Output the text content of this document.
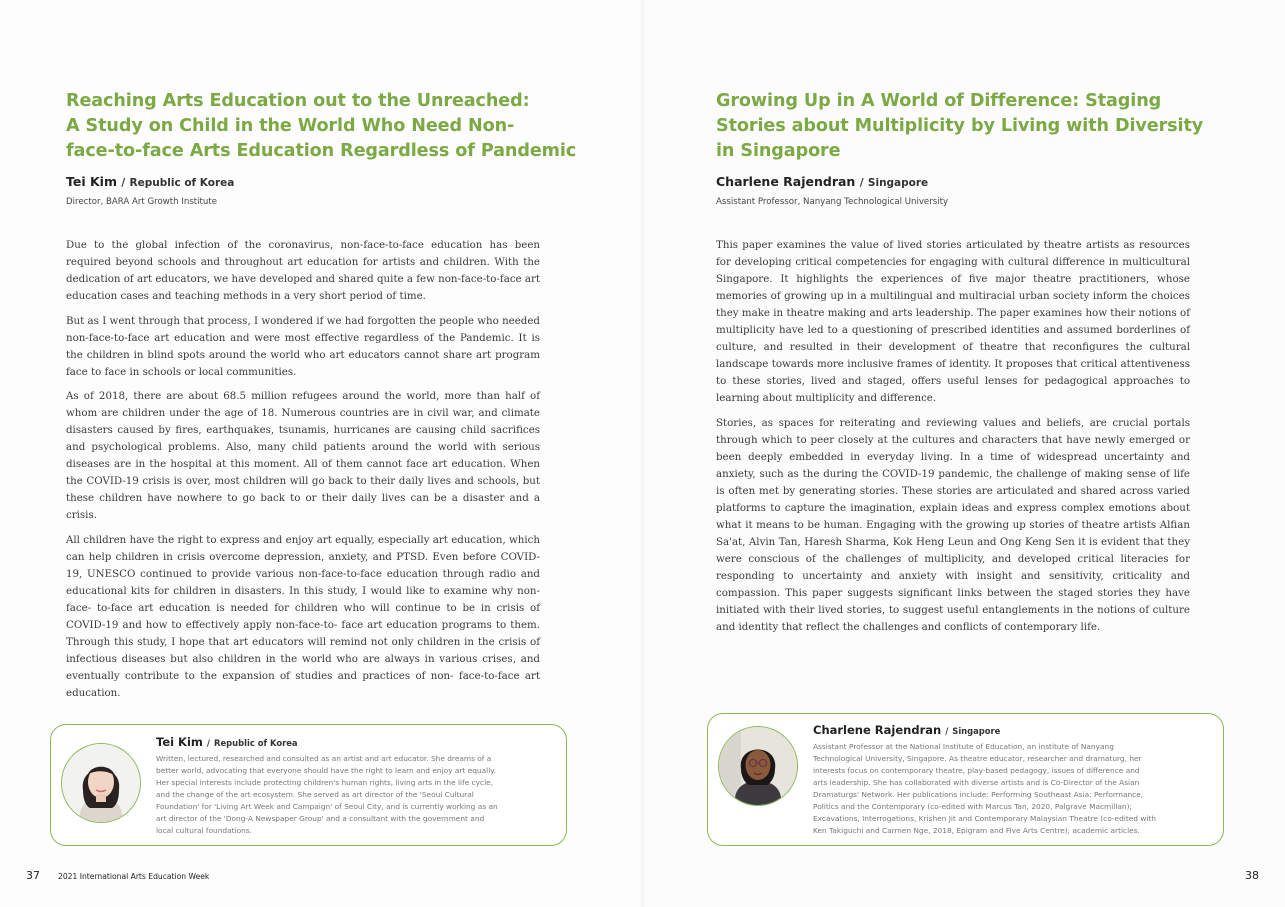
Reaching Arts Education out to the Unreached:
A Study on Child in the World Who Need Non-
face-to-face Arts Education Regardless of Pandemic
Tei Kim / Republic of Korea
Director, BARA Art Growth Institute

Due to the global infection of the coronavirus, non-face-to-face education has been required beyond schools and throughout art education for artists and children. With the dedication of art educators, we have developed and shared quite a few non-face-to-face art education cases and teaching methods in a very short period of time.

But as I went through that process, I wondered if we had forgotten the people who needed non-face-to-face art education and were most effective regardless of the Pandemic. It is the children in blind spots around the world who art educators cannot share art program face to face in schools or local communities.

As of 2018, there are about 68.5 million refugees around the world, more than half of whom are children under the age of 18. Numerous countries are in civil war, and climate disasters caused by fires, earthquakes, tsunamis, hurricanes are causing child sacrifices and psychological problems. Also, many child patients around the world with serious diseases are in the hospital at this moment. All of them cannot face art education. When the COVID-19 crisis is over, most children will go back to their daily lives and schools, but these children have nowhere to go back to or their daily lives can be a disaster and a crisis.

All children have the right to express and enjoy art equally, especially art education, which can help children in crisis overcome depression, anxiety, and PTSD. Even before COVID-19, UNESCO continued to provide various non-face-to-face education through radio and educational kits for children in disasters. In this study, I would like to examine why non-face- to-face art education is needed for children who will continue to be in crisis of COVID-19 and how to effectively apply non-face-to- face art education programs to them. Through this study, I hope that art educators will remind not only children in the crisis of infectious diseases but also children in the world who are always in various crises, and eventually contribute to the expansion of studies and practices of non- face-to-face art education.

Tei Kim / Republic of Korea
Written, lectured, researched and consulted as an artist and art educator. She dreams of a
better world, advocating that everyone should have the right to learn and enjoy art equally.
Her special interests include protecting children's human rights, living arts in the life cycle,
and the change of the art ecosystem. She served as art director of the 'Seoul Cultural
Foundation' for 'Living Art Week and Campaign' of Seoul City, and is currently working as an
art director of the 'Dong-A Newspaper Group' and a consultant with the government and
local cultural foundations.
37 2021 International Arts Education Week
Growing Up in A World of Difference: Staging
Stories about Multiplicity by Living with Diversity
in Singapore
Charlene Rajendran / Singapore
Assistant Professor, Nanyang Technological University

This paper examines the value of lived stories articulated by theatre artists as resources for developing critical competencies for engaging with cultural difference in multicultural Singapore. It highlights the experiences of five major theatre practitioners, whose memories of growing up in a multilingual and multiracial urban society inform the choices they make in theatre making and arts leadership. The paper examines how their notions of multiplicity have led to a questioning of prescribed identities and assumed borderlines of culture, and resulted in their development of theatre that reconfigures the cultural landscape towards more inclusive frames of identity. It proposes that critical attentiveness to these stories, lived and staged, offers useful lenses for pedagogical approaches to learning about multiplicity and difference.

Stories, as spaces for reiterating and reviewing values and beliefs, are crucial portals through which to peer closely at the cultures and characters that have newly emerged or been deeply embedded in everyday living. In a time of widespread uncertainty and anxiety, such as the during the COVID-19 pandemic, the challenge of making sense of life is often met by generating stories. These stories are articulated and shared across varied platforms to capture the imagination, explain ideas and express complex emotions about what it means to be human. Engaging with the growing up stories of theatre artists Alfian Sa'at, Alvin Tan, Haresh Sharma, Kok Heng Leun and Ong Keng Sen it is evident that they were conscious of the challenges of multiplicity, and developed critical literacies for responding to uncertainty and anxiety with insight and sensitivity, criticality and compassion. This paper suggests significant links between the staged stories they have initiated with their lived stories, to suggest useful entanglements in the notions of culture and identity that reflect the challenges and conflicts of contemporary life.

Charlene Rajendran / Singapore
Assistant Professor at the National Institute of Education, an institute of Nanyang
Technological University, Singapore. As theatre educator, researcher and dramaturg, her
interests focus on contemporary theatre, play-based pedagogy, issues of difference and
arts leadership. She has collaborated with diverse artists and is Co-Director of the Asian
Dramaturgs' Network. Her publications include: Performing Southeast Asia: Performance,
Politics and the Contemporary (co-edited with Marcus Tan, 2020, Palgrave Macmillan);
Excavations, Interrogations, Krishen Jit and Contemporary Malaysian Theatre (co-edited with
Ken Takiguchi and Carmen Nge, 2018, Epigram and Five Arts Centre); academic articles.
38
